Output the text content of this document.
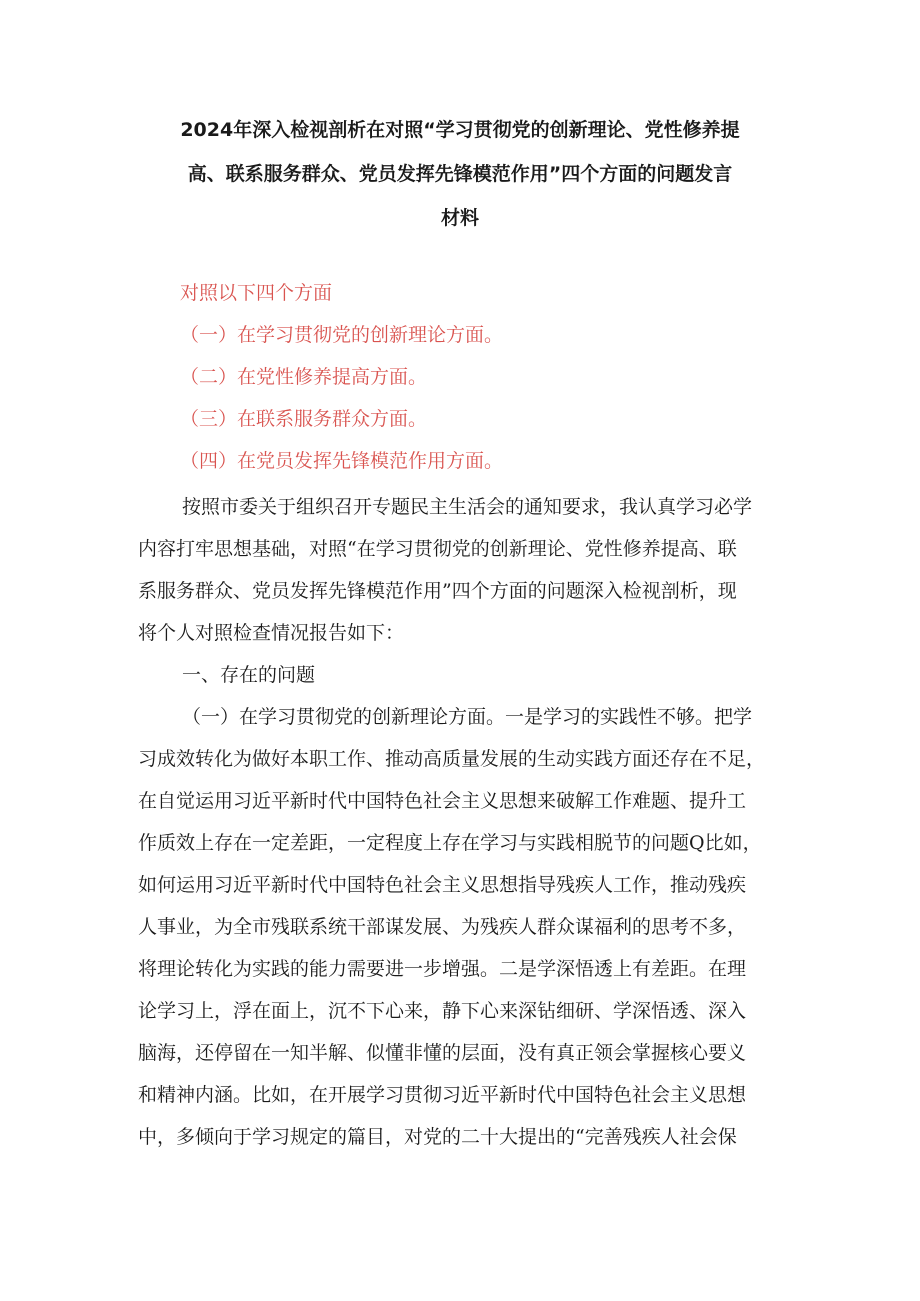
2024年深入检视剖析在对照“学习贯彻党的创新理论、党性修养提
高、联系服务群众、党员发挥先锋模范作用”四个方面的问题发言
材料
对照以下四个方面
（一）在学习贯彻党的创新理论方面。
（二）在党性修养提高方面。
（三）在联系服务群众方面。
（四）在党员发挥先锋模范作用方面。
按照市委关于组织召开专题民主生活会的通知要求，我认真学习必学
内容打牢思想基础，对照“在学习贯彻党的创新理论、党性修养提高、联
系服务群众、党员发挥先锋模范作用”四个方面的问题深入检视剖析，现
将个人对照检查情况报告如下：
一、存在的问题
（一）在学习贯彻党的创新理论方面。一是学习的实践性不够。把学
习成效转化为做好本职工作、推动高质量发展的生动实践方面还存在不足，
在自觉运用习近平新时代中国特色社会主义思想来破解工作难题、提升工
作质效上存在一定差距，一定程度上存在学习与实践相脱节的问题Q比如，
如何运用习近平新时代中国特色社会主义思想指导残疾人工作，推动残疾
人事业，为全市残联系统干部谋发展、为残疾人群众谋福利的思考不多，
将理论转化为实践的能力需要进一步增强。二是学深悟透上有差距。在理
论学习上，浮在面上，沉不下心来，静下心来深钻细研、学深悟透、深入
脑海，还停留在一知半解、似懂非懂的层面，没有真正领会掌握核心要义
和精神内涵。比如，在开展学习贯彻习近平新时代中国特色社会主义思想
中，多倾向于学习规定的篇目，对党的二十大提出的“完善残疾人社会保
